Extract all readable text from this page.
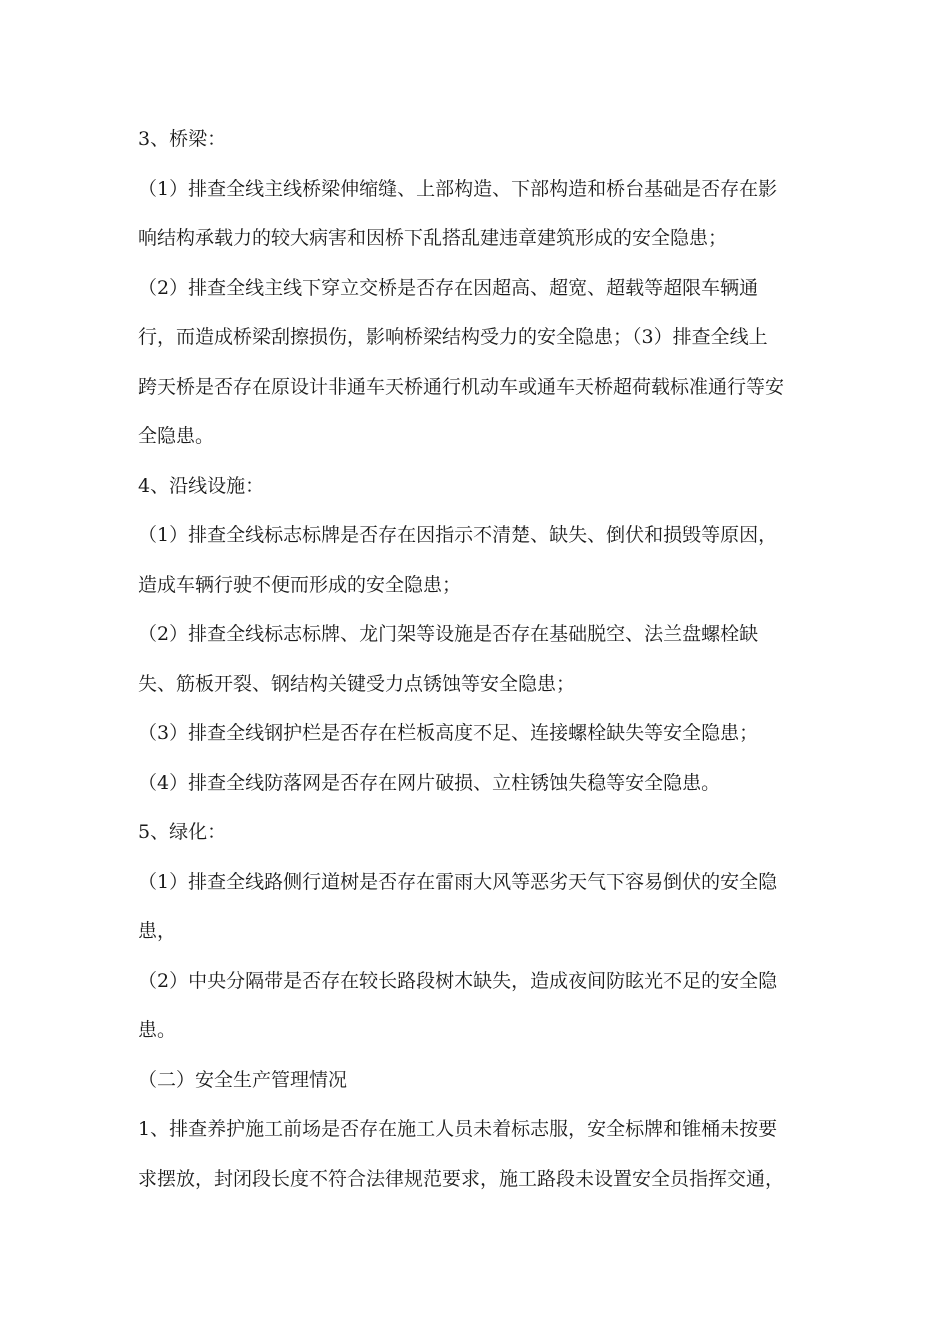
3、桥梁：
（1）排查全线主线桥梁伸缩缝、上部构造、下部构造和桥台基础是否存在影
响结构承载力的较大病害和因桥下乱搭乱建违章建筑形成的安全隐患；
（2）排查全线主线下穿立交桥是否存在因超高、超宽、超载等超限车辆通
行，而造成桥梁刮擦损伤，影响桥梁结构受力的安全隐患；（3）排查全线上
跨天桥是否存在原设计非通车天桥通行机动车或通车天桥超荷载标准通行等安
全隐患。
4、沿线设施：
（1）排查全线标志标牌是否存在因指示不清楚、缺失、倒伏和损毁等原因，
造成车辆行驶不便而形成的安全隐患；
（2）排查全线标志标牌、龙门架等设施是否存在基础脱空、法兰盘螺栓缺
失、筋板开裂、钢结构关键受力点锈蚀等安全隐患；
（3）排查全线钢护栏是否存在栏板高度不足、连接螺栓缺失等安全隐患；
（4）排查全线防落网是否存在网片破损、立柱锈蚀失稳等安全隐患。
5、绿化：
（1）排查全线路侧行道树是否存在雷雨大风等恶劣天气下容易倒伏的安全隐
患，
（2）中央分隔带是否存在较长路段树木缺失，造成夜间防眩光不足的安全隐
患。
（二）安全生产管理情况
1、排查养护施工前场是否存在施工人员未着标志服，安全标牌和锥桶未按要
求摆放，封闭段长度不符合法律规范要求，施工路段未设置安全员指挥交通，
